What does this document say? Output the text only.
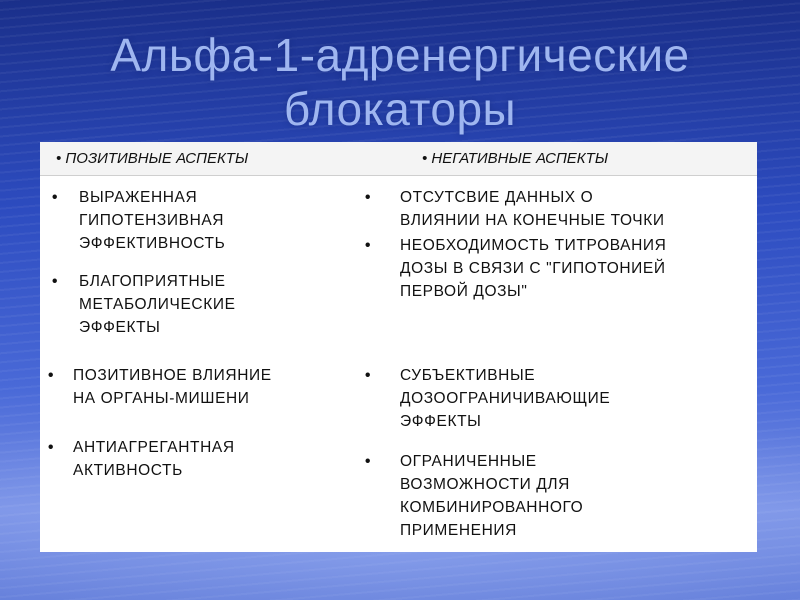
Альфа-1-адренергические
блокаторы
• ПОЗИТИВНЫЕ АСПЕКТЫ	• НЕГАТИВНЫЕ АСПЕКТЫ
• ВЫРАЖЕННАЯ
ГИПОТЕНЗИВНАЯ
ЭФФЕКТИВНОСТЬ
• БЛАГОПРИЯТНЫЕ
МЕТАБОЛИЧЕСКИЕ
ЭФФЕКТЫ
• ПОЗИТИВНОЕ ВЛИЯНИЕ
НА ОРГАНЫ-МИШЕНИ
• АНТИАГРЕГАНТНАЯ
АКТИВНОСТЬ
• ОТСУТСВИЕ ДАННЫХ О
ВЛИЯНИИ НА КОНЕЧНЫЕ ТОЧКИ
• НЕОБХОДИМОСТЬ ТИТРОВАНИЯ
ДОЗЫ В СВЯЗИ С "ГИПОТОНИЕЙ
ПЕРВОЙ ДОЗЫ"
• СУБЪЕКТИВНЫЕ
ДОЗООГРАНИЧИВАЮЩИЕ
ЭФФЕКТЫ
• ОГРАНИЧЕННЫЕ
ВОЗМОЖНОСТИ ДЛЯ
КОМБИНИРОВАННОГО
ПРИМЕНЕНИЯ
